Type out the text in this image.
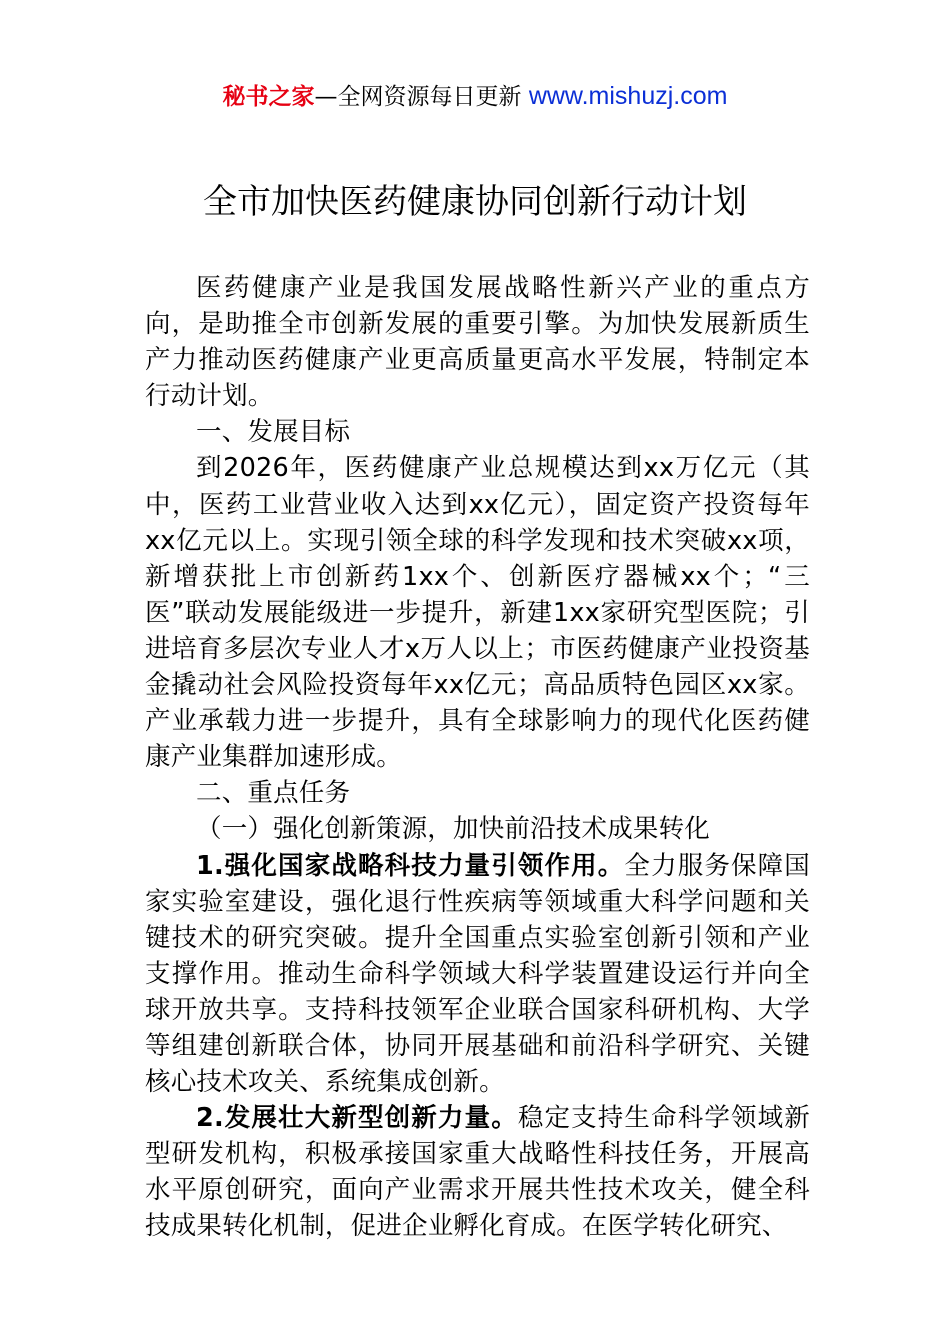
秘书之家—全网资源每日更新 www.mishuzj.com
全市加快医药健康协同创新行动计划

医药健康产业是我国发展战略性新兴产业的重点方向，是助推全市创新发展的重要引擎。为加快发展新质生产力推动医药健康产业更高质量更高水平发展，特制定本行动计划。

一、发展目标

到2026年，医药健康产业总规模达到xx万亿元（其中，医药工业营业收入达到xx亿元），固定资产投资每年xx亿元以上。实现引领全球的科学发现和技术突破xx项，新增获批上市创新药1xx个、创新医疗器械xx个；“三医”联动发展能级进一步提升，新建1xx家研究型医院；引进培育多层次专业人才x万人以上；市医药健康产业投资基金撬动社会风险投资每年xx亿元；高品质特色园区xx家。产业承载力进一步提升，具有全球影响力的现代化医药健康产业集群加速形成。

二、重点任务

（一）强化创新策源，加快前沿技术成果转化

1.强化国家战略科技力量引领作用。全力服务保障国家实验室建设，强化退行性疾病等领域重大科学问题和关键技术的研究突破。提升全国重点实验室创新引领和产业支撑作用。推动生命科学领域大科学装置建设运行并向全球开放共享。支持科技领军企业联合国家科研机构、大学等组建创新联合体，协同开展基础和前沿科学研究、关键核心技术攻关、系统集成创新。

2.发展壮大新型创新力量。稳定支持生命科学领域新型研发机构，积极承接国家重大战略性科技任务，开展高水平原创研究，面向产业需求开展共性技术攻关，健全科技成果转化机制，促进企业孵化育成。在医学转化研究、
